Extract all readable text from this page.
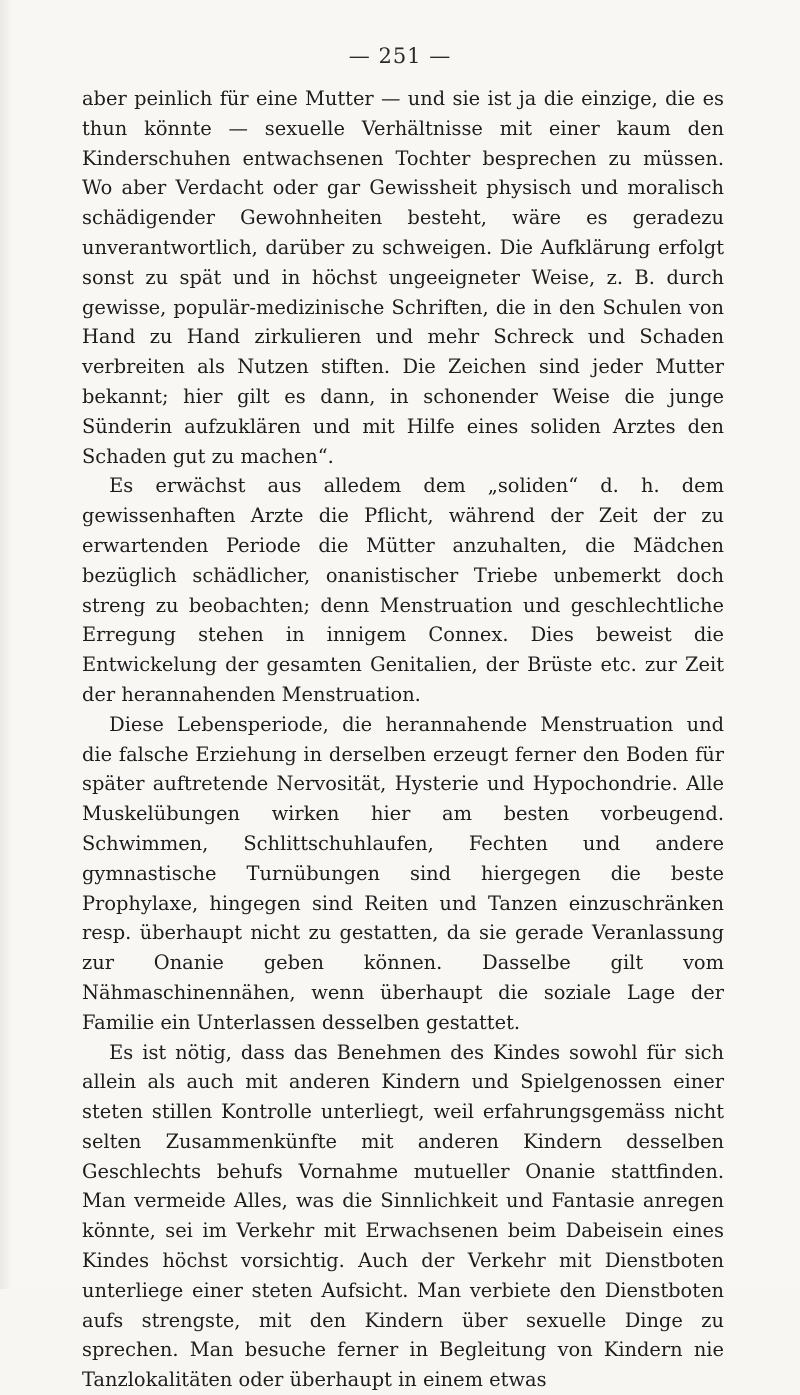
— 251 —

aber peinlich für eine Mutter — und sie ist ja die einzige, die es thun könnte — sexuelle Verhältnisse mit einer kaum den Kinderschuhen entwachsenen Tochter besprechen zu müssen. Wo aber Verdacht oder gar Gewissheit physisch und moralisch schädigender Gewohnheiten besteht, wäre es geradezu unverantwortlich, darüber zu schweigen. Die Aufklärung erfolgt sonst zu spät und in höchst ungeeigneter Weise, z. B. durch gewisse, populär-medizinische Schriften, die in den Schulen von Hand zu Hand zirkulieren und mehr Schreck und Schaden verbreiten als Nutzen stiften. Die Zeichen sind jeder Mutter bekannt; hier gilt es dann, in schonender Weise die junge Sünderin aufzuklären und mit Hilfe eines soliden Arztes den Schaden gut zu machen“.

Es erwächst aus alledem dem „soliden“ d. h. dem gewissenhaften Arzte die Pflicht, während der Zeit der zu erwartenden Periode die Mütter anzuhalten, die Mädchen bezüglich schädlicher, onanistischer Triebe unbemerkt doch streng zu beobachten; denn Menstruation und geschlechtliche Erregung stehen in innigem Connex. Dies beweist die Entwickelung der gesamten Genitalien, der Brüste etc. zur Zeit der herannahenden Menstruation.

Diese Lebensperiode, die herannahende Menstruation und die falsche Erziehung in derselben erzeugt ferner den Boden für später auftretende Nervosität, Hysterie und Hypochondrie. Alle Muskelübungen wirken hier am besten vorbeugend. Schwimmen, Schlittschuhlaufen, Fechten und andere gymnastische Turnübungen sind hiergegen die beste Prophylaxe, hingegen sind Reiten und Tanzen einzuschränken resp. überhaupt nicht zu gestatten, da sie gerade Veranlassung zur Onanie geben können. Dasselbe gilt vom Nähmaschinennähen, wenn überhaupt die soziale Lage der Familie ein Unterlassen desselben gestattet.

Es ist nötig, dass das Benehmen des Kindes sowohl für sich allein als auch mit anderen Kindern und Spielgenossen einer steten stillen Kontrolle unterliegt, weil erfahrungsgemäss nicht selten Zusammenkünfte mit anderen Kindern desselben Geschlechts behufs Vornahme mutueller Onanie stattfinden. Man vermeide Alles, was die Sinnlichkeit und Fantasie anregen könnte, sei im Verkehr mit Erwachsenen beim Dabeisein eines Kindes höchst vorsichtig. Auch der Verkehr mit Dienstboten unterliege einer steten Aufsicht. Man verbiete den Dienstboten aufs strengste, mit den Kindern über sexuelle Dinge zu sprechen. Man besuche ferner in Begleitung von Kindern nie Tanzlokalitäten oder überhaupt in einem etwas
